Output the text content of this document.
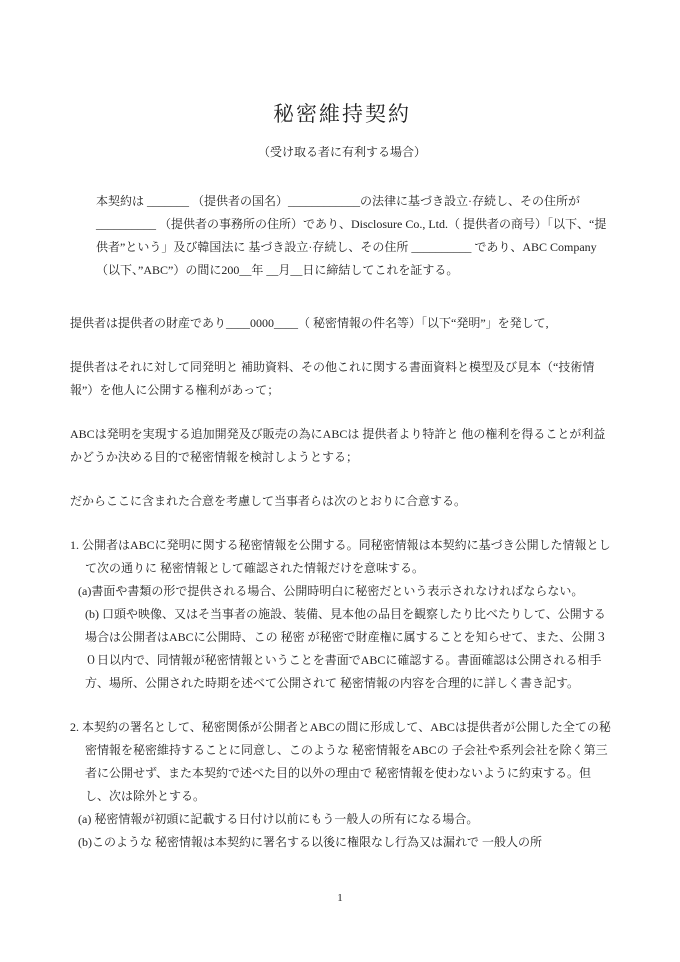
秘密維持契約
（受け取る者に有利する場合）

本契約は _______ （提供者の国名）____________の法律に基づき設立·存続し、その住所が__________ （提供者の事務所の住所）であり、Disclosure Co., Ltd.（ 提供者の商号）「以下、“提供者”という」及び韓国法に 基づき設立·存続し、その住所 __________ であり、ABC Company（以下、”ABC”）の間に200__年 __月__日に締結してこれを証する。

提供者は提供者の財産であり____0000____（ 秘密情報の件名等）「以下“発明”」を発して,

提供者はそれに対して同発明と 補助資料、その他これに関する書面資料と模型及び見本（“技術情報”）を他人に公開する権利があって；

ABCは発明を実現する追加開発及び販売の為にABCは 提供者より特許と 他の権利を得ることが利益かどうか決める目的で秘密情報を検討しようとする；

だからここに含まれた合意を考慮して当事者らは次のとおりに合意する。

1. 公開者はABCに発明に関する秘密情報を公開する。同秘密情報は本契約に基づき公開した情報として次の通りに 秘密情報として確認された情報だけを意味する。

(a)書面や書類の形で提供される場合、公開時明白に秘密だという表示されなければならない。

(b) 口頭や映像、又はそ当事者の施設、装備、見本他の品目を観察したり比べたりして、公開する場合は公開者はABCに公開時、この 秘密 が秘密で財産権に属することを知らせて、また、公開３０日以内で、同情報が秘密情報ということを書面でABCに確認する。書面確認は公開される相手方、場所、公開された時期を述べて公開されて 秘密情報の内容を合理的に詳しく書き記す。

2. 本契約の署名として、秘密関係が公開者とABCの間に形成して、ABCは提供者が公開した全ての秘密情報を秘密維持することに同意し、このような 秘密情報をABCの 子会社や系列会社を除く第三者に公開せず、また本契約で述べた目的以外の理由で 秘密情報を使わないように約束する。但し、次は除外とする。

(a) 秘密情報が初頭に記載する日付け以前にもう一般人の所有になる場合。

(b)このような 秘密情報は本契約に署名する以後に権限なし行為又は漏れで 一般人の所

1
